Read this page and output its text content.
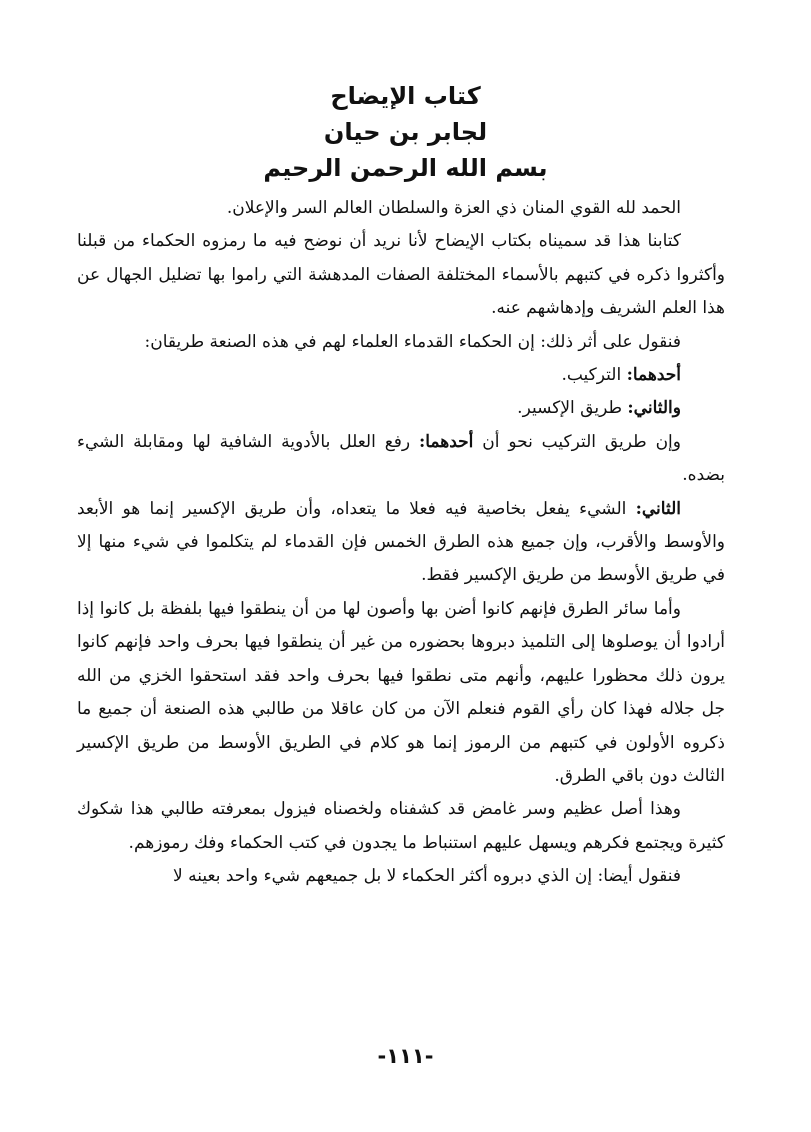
كتاب الإيضاح

لجابر بن حيان

بسم الله الرحمن الرحيم

الحمد لله القوي المنان ذي العزة والسلطان العالم السر والإعلان.

كتابنا هذا قد سميناه بكتاب الإيضاح لأنا نريد أن نوضح فيه ما رمزوه الحكماء من قبلنا وأكثروا ذكره في كتبهم بالأسماء المختلفة الصفات المدهشة التي راموا بها تضليل الجهال عن هذا العلم الشريف وإدهاشهم عنه.

فنقول على أثر ذلك: إن الحكماء القدماء العلماء لهم في هذه الصنعة طريقان:

أحدهما: التركيب.

والثاني: طريق الإكسير.

وإن طريق التركيب نحو أن أحدهما: رفع العلل بالأدوية الشافية لها ومقابلة الشيء بضده.

الثاني: الشيء يفعل بخاصية فيه فعلا ما يتعداه، وأن طريق الإكسير إنما هو الأبعد والأوسط والأقرب، وإن جميع هذه الطرق الخمس فإن القدماء لم يتكلموا في شيء منها إلا في طريق الأوسط من طريق الإكسير فقط.

وأما سائر الطرق فإنهم كانوا أضن بها وأصون لها من أن ينطقوا فيها بلفظة بل كانوا إذا أرادوا أن يوصلوها إلى التلميذ دبروها بحضوره من غير أن ينطقوا فيها بحرف واحد فإنهم كانوا يرون ذلك محظورا عليهم، وأنهم متى نطقوا فيها بحرف واحد فقد استحقوا الخزي من الله جل جلاله فهذا كان رأي القوم فنعلم الآن من كان عاقلا من طالبي هذه الصنعة أن جميع ما ذكروه الأولون في كتبهم من الرموز إنما هو كلام في الطريق الأوسط من طريق الإكسير الثالث دون باقي الطرق.

وهذا أصل عظيم وسر غامض قد كشفناه ولخصناه فيزول بمعرفته طالبي هذا شكوك كثيرة ويجتمع فكرهم ويسهل عليهم استنباط ما يجدون في كتب الحكماء وفك رموزهم.

فنقول أيضا: إن الذي دبروه أكثر الحكماء لا بل جميعهم شيء واحد بعينه لا

-١١١-
